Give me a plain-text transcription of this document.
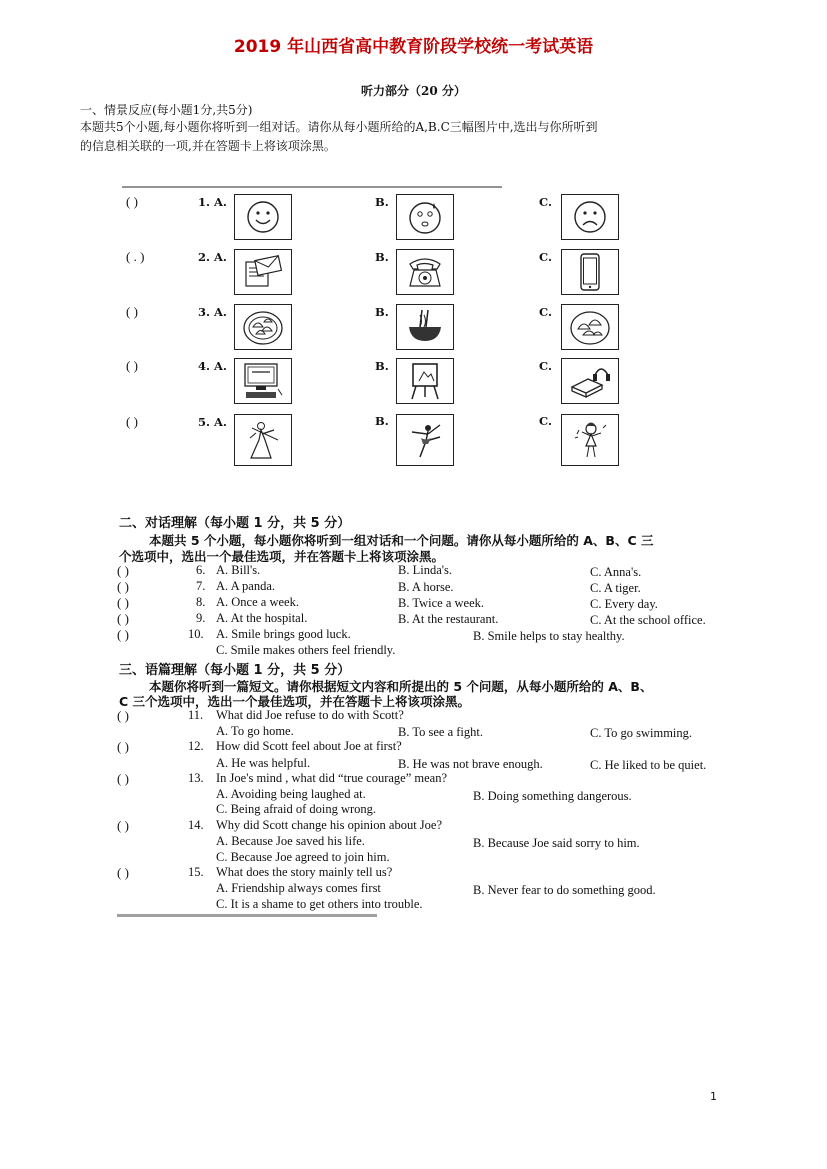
2019 年山西省高中教育阶段学校统一考试英语
听力部分（20 分）
一、情景反应(每小题1分,共5分)
本题共5个小题,每小题你将听到一组对话。请你从每小题所给的A,B.C三幅图片中,选出与你所听到
的信息相关联的一项,并在答题卡上将该项涂黑。
( )	1. A.	B.	C.
( . )	2. A.	B.	C.
( )	3. A.	B.	C.
( )	4. A.	B.	C.
( )	5. A.	B.	C.
二、对话理解（每小题 1 分，共 5 分）
本题共 5 个小题，每小题你将听到一组对话和一个问题。请你从每小题所给的 A、B、C 三
个选项中，选出一个最佳选项，并在答题卡上将该项涂黑。
( )	6. A. Bill's.	B. Linda's.	C. Anna's.
( )	7. A. A panda.	B. A horse.	C. A tiger.
( )	8. A. Once a week.	B. Twice a week.	C. Every day.
( )	9. A. At the hospital.	B. At the restaurant.	C. At the school office.
( )	10. A. Smile brings good luck.	B. Smile helps to stay healthy.
C. Smile makes others feel friendly.
三、语篇理解（每小题 1 分，共 5 分）
本题你将听到一篇短文。请你根据短文内容和所提出的 5 个问题，从每小题所给的 A、B、
C 三个选项中，选出一个最佳选项，并在答题卡上将该项涂黑。
( )	11. What did Joe refuse to do with Scott?
A. To go home.	B. To see a fight.	C. To go swimming.
( )	12. How did Scott feel about Joe at first?
A. He was helpful.	B. He was not brave enough.	C. He liked to be quiet.
( )	13. In Joe's mind , what did “true courage” mean?
A. Avoiding being laughed at.	B. Doing something dangerous.
C. Being afraid of doing wrong.
( )	14. Why did Scott change his opinion about Joe?
A. Because Joe saved his life.	B. Because Joe said sorry to him.
C. Because Joe agreed to join him.
( )	15. What does the story mainly tell us?
A. Friendship always comes first	B. Never fear to do something good.
C. It is a shame to get others into trouble.
1
